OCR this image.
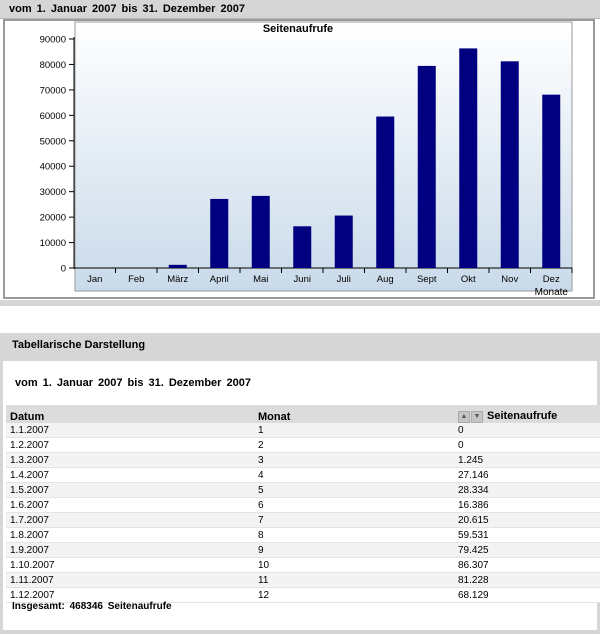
vom 1. Januar 2007 bis 31. Dezember 2007
Seitenaufrufe
0
10000
20000
30000
40000
50000
60000
70000
80000
90000
Jan	Feb März April	Mai	Juni	Juli	Aug Sept	Okt	Nov	Dez
Monate
Tabellarische Darstellung
vom 1. Januar 2007 bis 31. Dezember 2007
Datum	Monat	▲ ▼ Seitenaufrufe
1.1.2007	1	0
1.2.2007	2	0
1.3.2007	3	1.245
1.4.2007	4	27.146
1.5.2007	5	28.334
1.6.2007	6	16.386
1.7.2007	7	20.615
1.8.2007	8	59.531
1.9.2007	9	79.425
1.10.2007	10	86.307
1.11.2007	11	81.228
1.12.2007	12	68.129
Insgesamt: 468346 Seitenaufrufe
